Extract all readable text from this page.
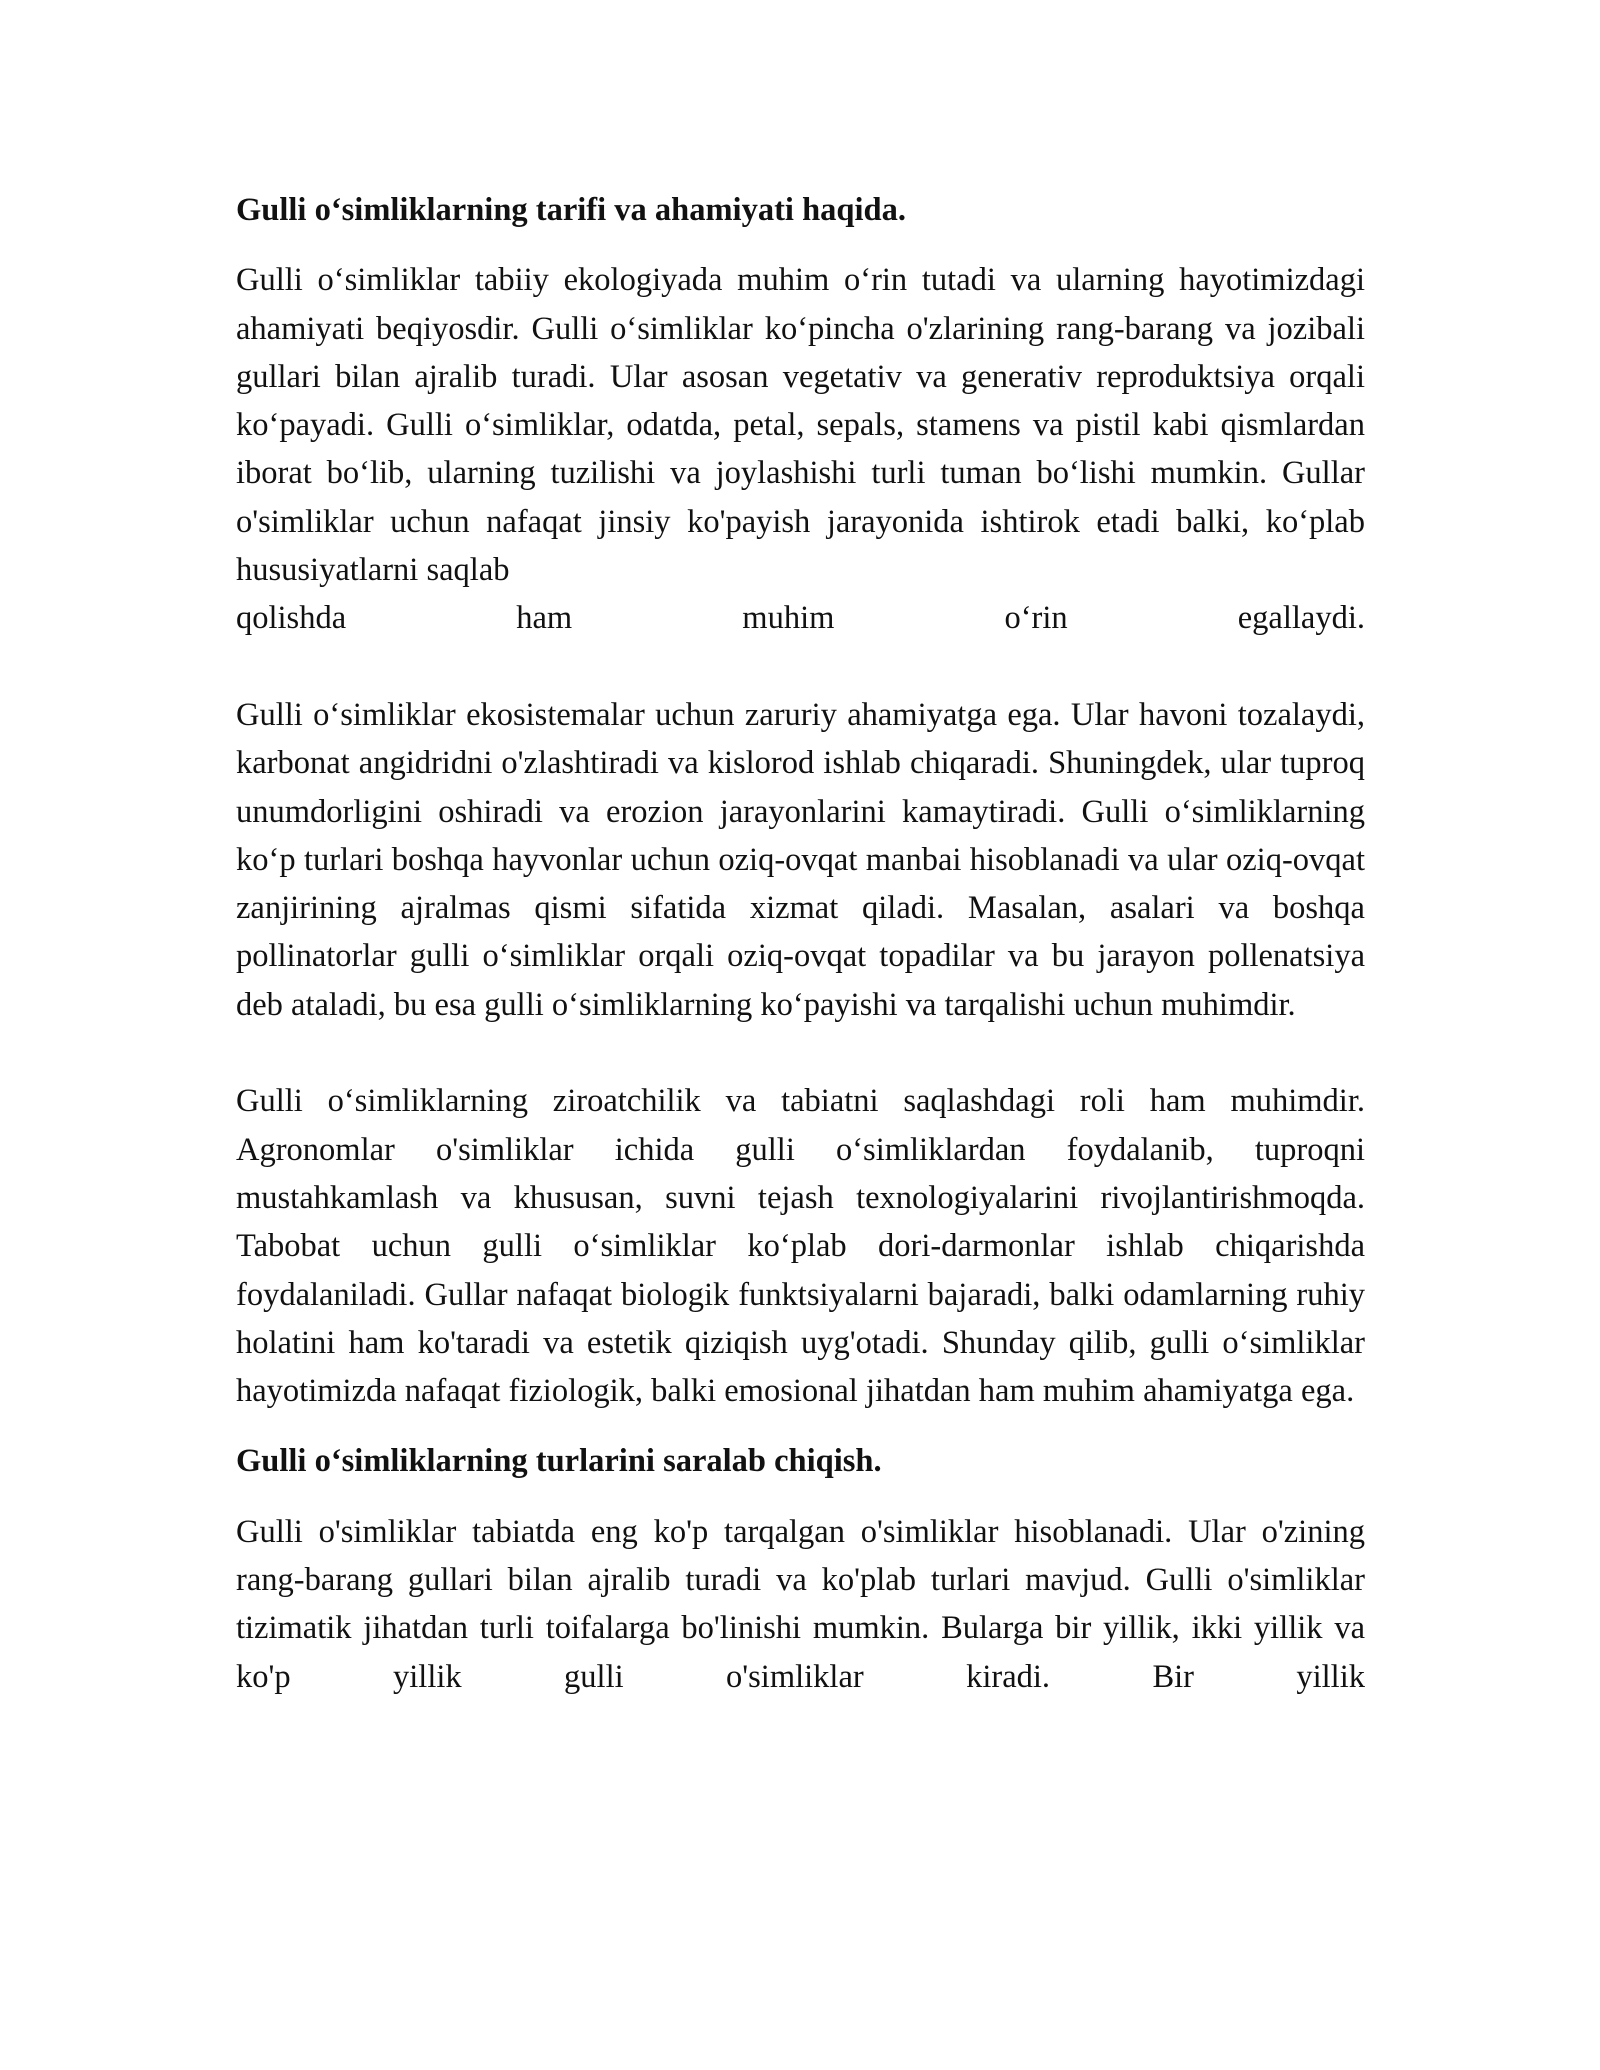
Gulli o‘simliklarning tarifi va ahamiyati haqida.

Gulli o‘simliklar tabiiy ekologiyada muhim o‘rin tutadi va ularning hayotimizdagi ahamiyati beqiyosdir. Gulli o‘simliklar ko‘pincha o'zlarining rang-barang va jozibali gullari bilan ajralib turadi. Ular asosan vegetativ va generativ reproduktsiya orqali ko‘payadi. Gulli o‘simliklar, odatda, petal, sepals, stamens va pistil kabi qismlardan iborat bo‘lib, ularning tuzilishi va joylashishi turli tuman bo‘lishi mumkin. Gullar o'simliklar uchun nafaqat jinsiy ko'payish jarayonida ishtirok etadi balki, ko‘plab hususiyatlarni saqlab

qolishda ham muhim o‘rin egallaydi.

Gulli o‘simliklar ekosistemalar uchun zaruriy ahamiyatga ega. Ular havoni tozalaydi, karbonat angidridni o'zlashtiradi va kislorod ishlab chiqaradi. Shuningdek, ular tuproq unumdorligini oshiradi va erozion jarayonlarini kamaytiradi. Gulli o‘simliklarning ko‘p turlari boshqa hayvonlar uchun oziq-ovqat manbai hisoblanadi va ular oziq-ovqat zanjirining ajralmas qismi sifatida xizmat qiladi. Masalan, asalari va boshqa pollinatorlar gulli o‘simliklar orqali oziq-ovqat topadilar va bu jarayon pollenatsiya deb ataladi, bu esa gulli o‘simliklarning ko‘payishi va tarqalishi uchun muhimdir.

Gulli o‘simliklarning ziroatchilik va tabiatni saqlashdagi roli ham muhimdir. Agronomlar o'simliklar ichida gulli o‘simliklardan foydalanib, tuproqni mustahkamlash va khususan, suvni tejash texnologiyalarini rivojlantirishmoqda. Tabobat uchun gulli o‘simliklar ko‘plab dori-darmonlar ishlab chiqarishda foydalaniladi. Gullar nafaqat biologik funktsiyalarni bajaradi, balki odamlarning ruhiy holatini ham ko'taradi va estetik qiziqish uyg'otadi. Shunday qilib, gulli o‘simliklar hayotimizda nafaqat fiziologik, balki emosional jihatdan ham muhim ahamiyatga ega.

Gulli o‘simliklarning turlarini saralab chiqish.

Gulli o'simliklar tabiatda eng ko'p tarqalgan o'simliklar hisoblanadi. Ular o'zining rang-barang gullari bilan ajralib turadi va ko'plab turlari mavjud. Gulli o'simliklar tizimatik jihatdan turli toifalarga bo'linishi mumkin. Bularga bir yillik, ikki yillik va ko'p yillik gulli o'simliklar kiradi. Bir yillik
